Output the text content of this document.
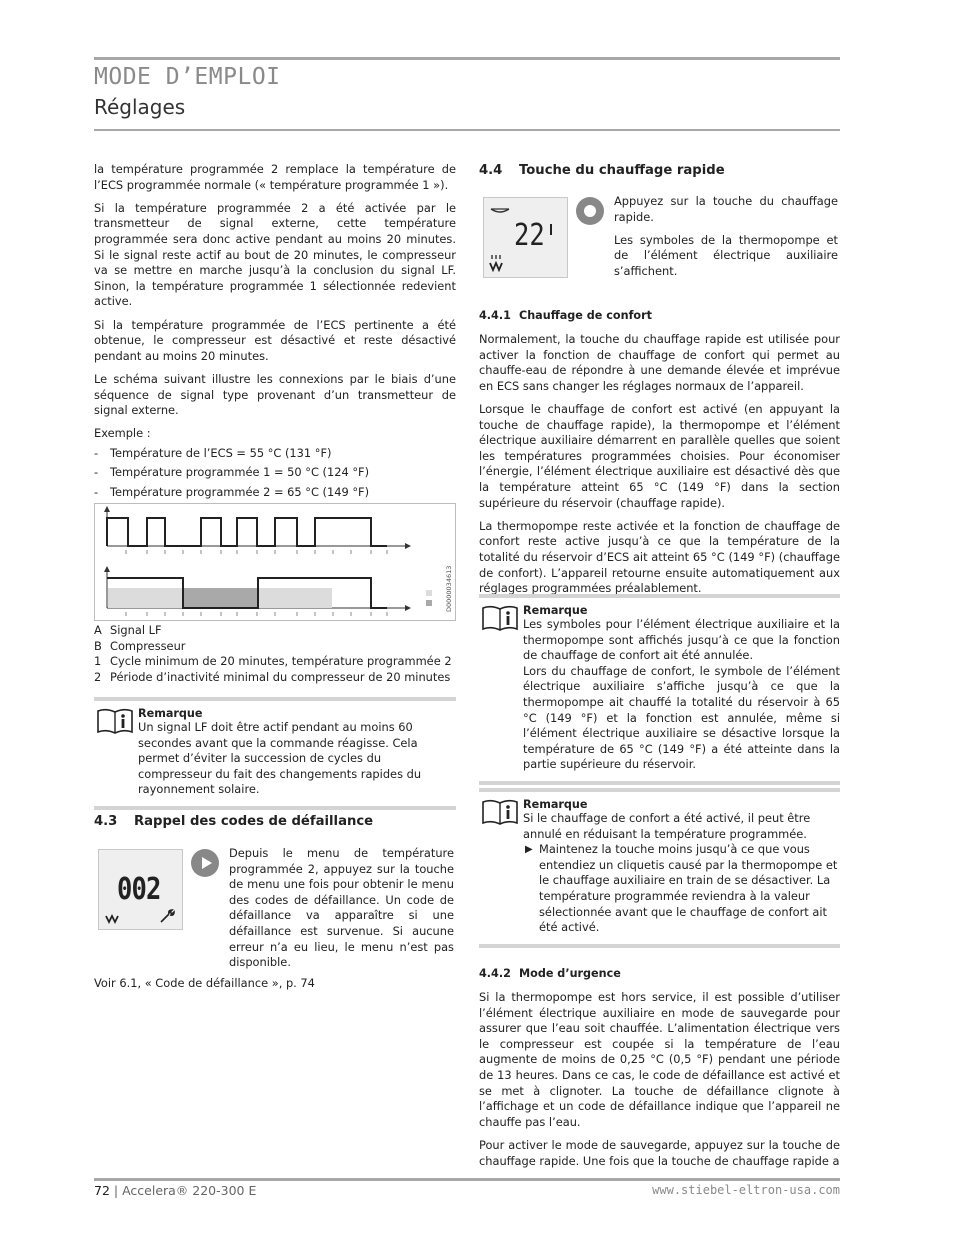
MODE D’EMPLOI
Réglages

la température programmée 2 remplace la température de l’ECS programmée normale (« température programmée 1 »).

Si la température programmée 2 a été activée par le transmetteur de signal externe, cette température programmée sera donc active pendant au moins 20 minutes. Si le signal reste actif au bout de 20 minutes, le compresseur va se mettre en marche jusqu’à la conclusion du signal LF. Sinon, la température programmée 1 sélectionnée redevient active.

Si la température programmée de l’ECS pertinente a été obtenue, le compresseur est désactivé et reste désactivé pendant au moins 20 minutes.

Le schéma suivant illustre les connexions par le biais d’une séquence de signal type provenant d’un transmetteur de signal externe.

Exemple :

- Température de l’ECS = 55 °C (131 °F)
- Température programmée 1 = 50 °C (124 °F)
- Température programmée 2 = 65 °C (149 °F)
D0000034613
A Signal LF
B Compresseur
1 Cycle minimum de 20 minutes, température programmée 2
2 Période d’inactivité minimal du compresseur de 20 minutes
Remarque
Un signal LF doit être actif pendant au moins 60 secondes avant que la commande réagisse. Cela permet d’éviter la succession de cycles du compresseur du fait des changements rapides du rayonnement solaire.
4.3 Rappel des codes de défaillance
002
Depuis le menu de température programmée 2, appuyez sur la touche de menu une fois pour obtenir le menu des codes de défaillance. Un code de défaillance va apparaître si une défaillance est survenue. Si aucune erreur n’a eu lieu, le menu n’est pas disponible.
Voir 6.1, « Code de défaillance », p. 74
4.4 Touche du chauffage rapide
22

Appuyez sur la touche du chauffage rapide.

Les symboles de la thermopompe et de l’élément électrique auxiliaire s’affichent.

4.4.1 Chauffage de confort

Normalement, la touche du chauffage rapide est utilisée pour activer la fonction de chauffage de confort qui permet au chauffe-eau de répondre à une demande élevée et imprévue en ECS sans changer les réglages normaux de l’appareil.

Lorsque le chauffage de confort est activé (en appuyant la touche de chauffage rapide), la thermopompe et l’élément électrique auxiliaire démarrent en parallèle quelles que soient les températures programmées choisies. Pour économiser l’énergie, l’élément électrique auxiliaire est désactivé dès que la température atteint 65 °C (149 °F) dans la section supérieure du réservoir (chauffage rapide).

La thermopompe reste activée et la fonction de chauffage de confort reste active jusqu’à ce que la température de la totalité du réservoir d’ECS ait atteint 65 °C (149 °F) (chauffage de confort). L’appareil retourne ensuite automatiquement aux réglages programmées préalablement.

Remarque
Les symboles pour l’élément électrique auxiliaire et la thermopompe sont affichés jusqu’à ce que la fonction de chauffage de confort ait été annulée.
Lors du chauffage de confort, le symbole de l’élément électrique auxiliaire s’affiche jusqu’à ce que la thermopompe ait chauffé la totalité du réservoir à 65 °C (149 °F) et la fonction est annulée, même si l’élément électrique auxiliaire se désactive lorsque la température de 65 °C (149 °F) a été atteinte dans la partie supérieure du réservoir.
Remarque
Si le chauffage de confort a été activé, il peut être annulé en réduisant la température programmée.
▶ Maintenez la touche moins jusqu’à ce que vous entendiez un cliquetis causé par la thermopompe et le chauffage auxiliaire en train de se désactiver. La température programmée reviendra à la valeur sélectionnée avant que le chauffage de confort ait été activé.
4.4.2 Mode d’urgence

Si la thermopompe est hors service, il est possible d’utiliser l’élément électrique auxiliaire en mode de sauvegarde pour assurer que l’eau soit chauffée. L’alimentation électrique vers le compresseur est coupée si la température de l’eau augmente de moins de 0,25 °C (0,5 °F) pendant une période de 13 heures. Dans ce cas, le code de défaillance est activé et se met à clignoter. La touche de défaillance clignote à l’affichage et un code de défaillance indique que l’appareil ne chauffe pas l’eau.

Pour activer le mode de sauvegarde, appuyez sur la touche de chauffage rapide. Une fois que la touche de chauffage rapide a

72 | Accelera® 220-300 E	www.stiebel-eltron-usa.com
